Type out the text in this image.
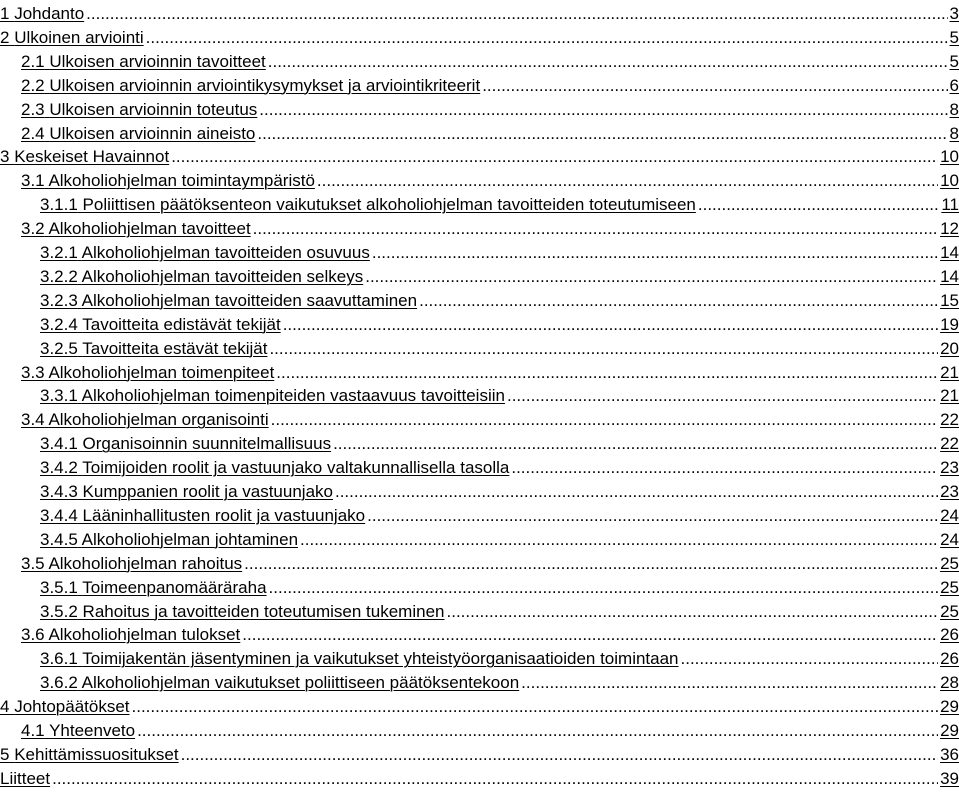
1 Johdanto .....	3
2 Ulkoinen arviointi .....	5
2.1 Ulkoisen arvioinnin tavoitteet .....	5
2.2 Ulkoisen arvioinnin arviointikysymykset ja arviointikriteerit .....	6
2.3 Ulkoisen arvioinnin toteutus .....	8
2.4 Ulkoisen arvioinnin aineisto .....	8
3 Keskeiset Havainnot .....	10
3.1 Alkoholiohjelman toimintaympäristö .....	10
3.1.1 Poliittisen päätöksenteon vaikutukset alkoholiohjelman tavoitteiden toteutumiseen .....	11
3.2 Alkoholiohjelman tavoitteet .....	12
3.2.1 Alkoholiohjelman tavoitteiden osuvuus .....	14
3.2.2 Alkoholiohjelman tavoitteiden selkeys .....	14
3.2.3 Alkoholiohjelman tavoitteiden saavuttaminen .....	15
3.2.4 Tavoitteita edistävät tekijät .....	19
3.2.5 Tavoitteita estävät tekijät .....	20
3.3 Alkoholiohjelman toimenpiteet .....	21
3.3.1 Alkoholiohjelman toimenpiteiden vastaavuus tavoitteisiin .....	21
3.4 Alkoholiohjelman organisointi .....	22
3.4.1 Organisoinnin suunnitelmallisuus .....	22
3.4.2 Toimijoiden roolit ja vastuunjako valtakunnallisella tasolla .....	23
3.4.3 Kumppanien roolit ja vastuunjako .....	23
3.4.4 Lääninhallitusten roolit ja vastuunjako .....	24
3.4.5 Alkoholiohjelman johtaminen .....	24
3.5 Alkoholiohjelman rahoitus .....	25
3.5.1 Toimeenpanomääräraha .....	25
3.5.2 Rahoitus ja tavoitteiden toteutumisen tukeminen .....	25
3.6 Alkoholiohjelman tulokset .....	26
3.6.1 Toimijakentän jäsentyminen ja vaikutukset yhteistyöorganisaatioiden toimintaan .....	26
3.6.2 Alkoholiohjelman vaikutukset poliittiseen päätöksentekoon .....	28
4 Johtopäätökset .....	29
4.1 Yhteenveto .....	29
5 Kehittämissuositukset .....	36
Liitteet .....	39
